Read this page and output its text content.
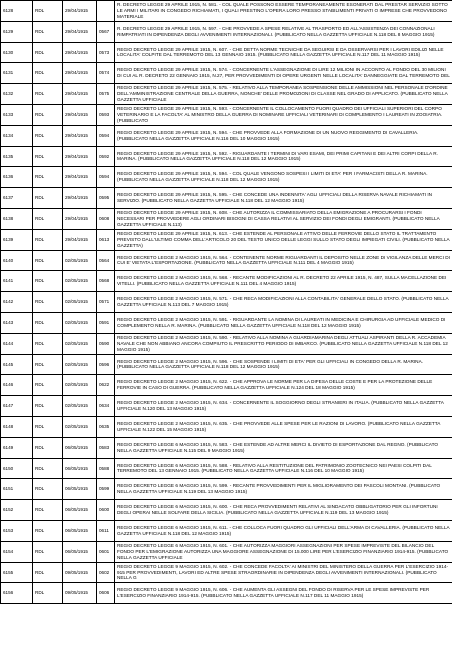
6128	RDL	29/04/1915		R. DECRETO LEGGE 29 APRILE 1915, N. 581. - COL QUALE POSSONO ESSERE TEMPORANEAMENTE ESONERATI DAL PRESTAR SERVIZIO SOTTO LE ARMI I MILITARI IN CONGEDO RICHIAMATI, I QUALI PRESTINO L'OPERA LORO PRESSO STABILIMENTI PRIVATI O IMPRESE CHE PROVVEDONO MATERIALE

6129	RDL	29/04/1915	0567	R. DECRETO LEGGE 29 APRILE 1915, N. 597. - CHE PROVVEDE A SPESE RELATIVE AL TRASPORTO ED ALL'ASSISTENZA DEI CONNAZIONALI RIMPATRIATI IN DIPENDENZA DEGLI AVVENIMENTI INTERNAZIONALI. (PUBBLICATO NELLA GAZZETTA UFFICIALE N.118 DEL 8 MAGGIO 1915)

6130	RDL	29/04/1915	0573	REGIO DECRETO LEGGE 29 APRILE 1915, N. 607. - CHE DETTA NORME TECNICHE DA SEGUIRSI E DA OSSERVARSI PER I LAVORI EDILIZI NELLE LOCALITA' COLPITE DAL TERREMOTO DEL 13 GENNAIO 1915. (PUBBLICATO NELLA GAZZETTA UFFICIALE N.117 DEL 11 MAGGIO 1915)

6131	RDL	29/04/1915	0574	REGIO DECRETO LEGGE 29 APRILE 1915, N. 574. - CONCERNENTE L'ASSEGNAZIONE DI LIRE 12 MILIONI IN ACCONTO AL FONDO DEL 30 MILIONI DI CUI AL R. DECRETO 22 GENNAIO 1915, N.27, PER PROVVEDIMENTI DI OPERE URGENTI NELLE LOCALITA' DANNEGGIATE DAL TERREMOTO DEL

6132	RDL	29/04/1915	0575	REGIO DECRETO LEGGE 29 APRILE 1915, N. 575. - RELATIVO ALLA TEMPORANEA SOSPENSIONE DELLE AMMISSIONI NEL PERSONALE D'ORDINE DELL'AMMINISTRAZIONE CENTRALE DELLA GUERRA, NONCHE' DELLE PROMOZIONI DI CLASSE NEL GRADO DI APPLICATO. (PUBBLICATO NELLA GAZZETTA UFFICIALE

6133	RDL	29/04/1915	0593	REGIO DECRETO LEGGE 29 APRILE 1915, N. 593. - CONCERNENTE IL COLLOCAMENTO FUORI QUADRO DEI UFFICIALI SUPERIORI DEL CORPO VETERINARIO E LA FACOLTA' AL MINISTRO DELLA GUERRA DI NOMINARE UFFICIALI VETERINARI DI COMPLEMENTO I LAUREATI IN ZOOIATRIA. (PUBBLICATO

6134	RDL	29/04/1915	0594	REGIO DECRETO LEGGE 29 APRILE 1915, N. 594. - CHE PROVVEDE ALLA FORMAZIONE DI UN NUOVO REGGIMENTO DI CAVALLERIA. (PUBBLICATO NELLA GAZZETTA UFFICIALE N.116 DEL 10 MAGGIO 1915)

6135	RDL	29/04/1915	0592	REGIO DECRETO LEGGE 29 APRILE 1915, N. 592. - RIGUARDANTE I TERMINI DI VARI ESAMI, DEI PRIMI CAPITANI E DEI ALTRI CORPI DELLA R. MARINA. (PUBBLICATO NELLA GAZZETTA UFFICIALE N.118 DEL 12 MAGGIO 1915)

6136	RDL	29/04/1915	0594	REGIO DECRETO LEGGE 29 APRILE 1915, N. 594. - COL QUALE VENGONO SOSPESI I LIMITI DI ETA' PER I FARMACISTI DELLA R. MARINA. (PUBBLICATO NELLA GAZZETTA UFFICIALE N.118 DEL 12 MAGGIO 1915)

6137	RDL	29/04/1915	0595	REGIO DECRETO LEGGE 29 APRILE 1915, N. 595. - CHE CONCEDE UNA INDENNITA' AGLI UFFICIALI DELLA RISERVA NAVALE RICHIAMATI IN SERVIZIO. (PUBBLICATO NELLA GAZZETTA UFFICIALE N.118 DEL 12 MAGGIO 1915)

6138	RDL	29/04/1915	0608	REGIO DECRETO LEGGE 29 APRILE 1915, N. 608. - CHE AUTORIZZA IL COMMISSARIATO DELLA EMIGRAZIONE A PROCURARSI I FONDI NECESSARI PER PROVVEDERE AGLI ORDINARI BISOGNI DI CASSA RELATIVI AL SERVIZIO DEI FONDI DEGLI EMIGRANTI. (PUBBLICATO NELLA GAZZETTA UFFICIALE N.113)

6139	RDL	29/04/1915	0613	REGIO DECRETO LEGGE 29 APRILE 1915, N. 613. - CHE ESTENDE AL PERSONALE ATTIVO DELLE FERROVIE DELLO STATO IL TRATTAMENTO PREVISTO DALL'ULTIMO COMMA DELL'ARTICOLO 20 DEL TESTO UNICO DELLE LEGGI SULLO STATO DEGLI IMPIEGATI CIVILI. (PUBBLICATO NELLA GAZZETTA)

6140	RDL	02/05/1915	0564	REGIO DECRETO LEGGE 2 MAGGIO 1915, N. 564. - CONTENENTE NORME RIGUARDANTI IL DEPOSITO NELLE ZONE DI VIGILANZA DELLE MERCI DI CUI E' VIETATA L'ESPORTAZIONE. (PUBBLICATO NELLA GAZZETTA UFFICIALE N.111 DEL 4 MAGGIO 1915)

6141	RDL	02/05/1915	0568	REGIO DECRETO LEGGE 2 MAGGIO 1915, N. 568. - RECANTE MODIFICAZIONI AL R. DECRETO 22 APRILE 1915, N. 487, SULLA MACELLAZIONE DEI VITELLI. (PUBBLICATO NELLA GAZZETTA UFFICIALE N.111 DEL 4 MAGGIO 1915)

6142	RDL	02/05/1915	0571	REGIO DECRETO LEGGE 2 MAGGIO 1915, N. 571. - CHE RECA MODIFICAZIONI ALLA CONTABILITA' GENERALE DELLO STATO. (PUBBLICATO NELLA GAZZETTA UFFICIALE N.113 DEL 7 MAGGIO 1915)

6143	RDL	02/05/1915	0591	REGIO DECRETO LEGGE 2 MAGGIO 1915, N. 591. - RIGUARDANTE LA NOMINA DI LAUREATI IN MEDICINA E CHIRURGIA AD UFFICIALE MEDICO DI COMPLEMENTO NELLA R. MARINA. (PUBBLICATO NELLA GAZZETTA UFFICIALE N.118 DEL 12 MAGGIO 1915)

6144	RDL	02/05/1915	0590	REGIO DECRETO LEGGE 2 MAGGIO 1915, N. 590. - RELATIVO ALLA NOMINA A GUARDIAMARINA DEGLI ATTUALI ASPIRANTI DELLA R. ACCADEMIA NAVALE CHE NON ABBIANO ANCORA COMPIUTO IL PRESCRITTO PERIODO DI IMBARCO. (PUBBLICATO NELLA GAZZETTA UFFICIALE N.118 DEL 12 MAGGIO 1915)

6145	RDL	02/05/1915	0596	REGIO DECRETO LEGGE 2 MAGGIO 1915, N. 596. - CHE SOSPENDE I LIMITI DI ETA' PER GLI UFFICIALI IN CONGEDO DELLA R. MARINA. (PUBBLICATO NELLA GAZZETTA UFFICIALE N.118 DEL 12 MAGGIO 1915)

6146	RDL	02/05/1915	0622	REGIO DECRETO LEGGE 2 MAGGIO 1915, N. 622. - CHE APPROVA LE NORME PER LA DIFESA DELLE COSTE E PER LA PROTEZIONE DELLE FERROVIE IN CASO DI GUERRA. (PUBBLICATO NELLA GAZZETTA UFFICIALE N.124 DEL 18 MAGGIO 1915)

6147	RDL	02/05/1915	0634	REGIO DECRETO LEGGE 2 MAGGIO 1915, N. 634. - CONCERNENTE IL SOGGIORNO DEGLI STRANIERI IN ITALIA. (PUBBLICATO NELLA GAZZETTA UFFICIALE N.120 DEL 13 MAGGIO 1915)

6148	RDL	02/05/1915	0635	REGIO DECRETO LEGGE 2 MAGGIO 1915, N. 635. - CHE PROVVEDE ALLE SPESE PER LE RAZIONI DI LAVORO. (PUBBLICATO NELLA GAZZETTA UFFICIALE N.122 DEL 15 MAGGIO 1915)

6149	RDL	06/05/1915	0583	REGIO DECRETO LEGGE 6 MAGGIO 1915, N. 583. - CHE ESTENDE AD ALTRE MERCI IL DIVIETO DI ESPORTAZIONE DAL REGNO. (PUBBLICATO NELLA GAZZETTA UFFICIALE N.115 DEL 9 MAGGIO 1915)

6150	RDL	06/05/1915	0588	REGIO DECRETO LEGGE 6 MAGGIO 1915, N. 588. - RELATIVO ALLA RESTITUZIONE DEL PATRIMONIO ZOOTECNICO NEI PAESI COLPITI DAL TERREMOTO DEL 13 GENNAIO 1915. (PUBBLICATO NELLA GAZZETTA UFFICIALE N.116 DEL 10 MAGGIO 1915)

6151	RDL	06/05/1915	0599	REGIO DECRETO LEGGE 6 MAGGIO 1915, N. 599. - RECANTE PROVVEDIMENTI PER IL MIGLIORAMENTO DEI PASCOLI MONTANI. (PUBBLICATO NELLA GAZZETTA UFFICIALE N.119 DEL 13 MAGGIO 1915)

6152	RDL	06/05/1915	0600	REGIO DECRETO LEGGE 6 MAGGIO 1915, N. 600. - CHE RECA PROVVEDIMENTI RELATIVI AL SINDACATO OBBLIGATORIO PER GLI INFORTUNI DEGLI OPERAI NELLE SOLFARE DELLA SICILIA. (PUBBLICATO NELLA GAZZETTA UFFICIALE N.119 DEL 13 MAGGIO 1915)

6153	RDL	06/05/1915	0611	REGIO DECRETO LEGGE 6 MAGGIO 1915, N. 611. - CHE COLLOCA FUORI QUADRO GLI UFFICIALI DELL'ARMA DI CAVALLERIA. (PUBBLICATO NELLA GAZZETTA UFFICIALE N.118 DEL 12 MAGGIO 1915)

6154	RDL	06/05/1915	0601	REGIO DECRETO LEGGE 6 MAGGIO 1915, N. 601. - CHE AUTORIZZA MAGGIORI ASSEGNAZIONI PER SPESE IMPREVISTE DEL BILANCIO DEL FONDO PER L'EMIGRAZIONE AUTORIZZA UNA MAGGIORE ASSEGNAZIONE DI 15.000 LIRE PER L'ESERCIZIO FINANZIARIO 1914-915. (PUBBLICATO NELLA GAZZETTA UFFICIALE

6155	RDL	09/05/1915	0602	REGIO DECRETO LEGGE 9 MAGGIO 1915, N. 602. - CHE CONCEDE FACOLTA' AI MINISTRI DEL MINISTERO DELLA GUERRA PER L'ESERCIZIO 1914-915 PER PROVVEDIMENTI, LAVORI ED ALTRE SPESE STRAORDINARIE IN DIPENDENZA DEGLI AVVENIMENTI INTERNAZIONALI. (PUBBLICATO NELLA G

6156	RDL	09/05/1915	0606	REGIO DECRETO LEGGE 9 MAGGIO 1915, N. 606. - CHE AUMENTA GLI ASSEGNI DEL FONDO DI RISERVA PER LE SPESE IMPREVISTE PER L'ESERCIZIO FINANZIARIO 1914-915. (PUBBLICATO NELLA GAZZETTA UFFICIALE N.117 DEL 11 MAGGIO 1915)
